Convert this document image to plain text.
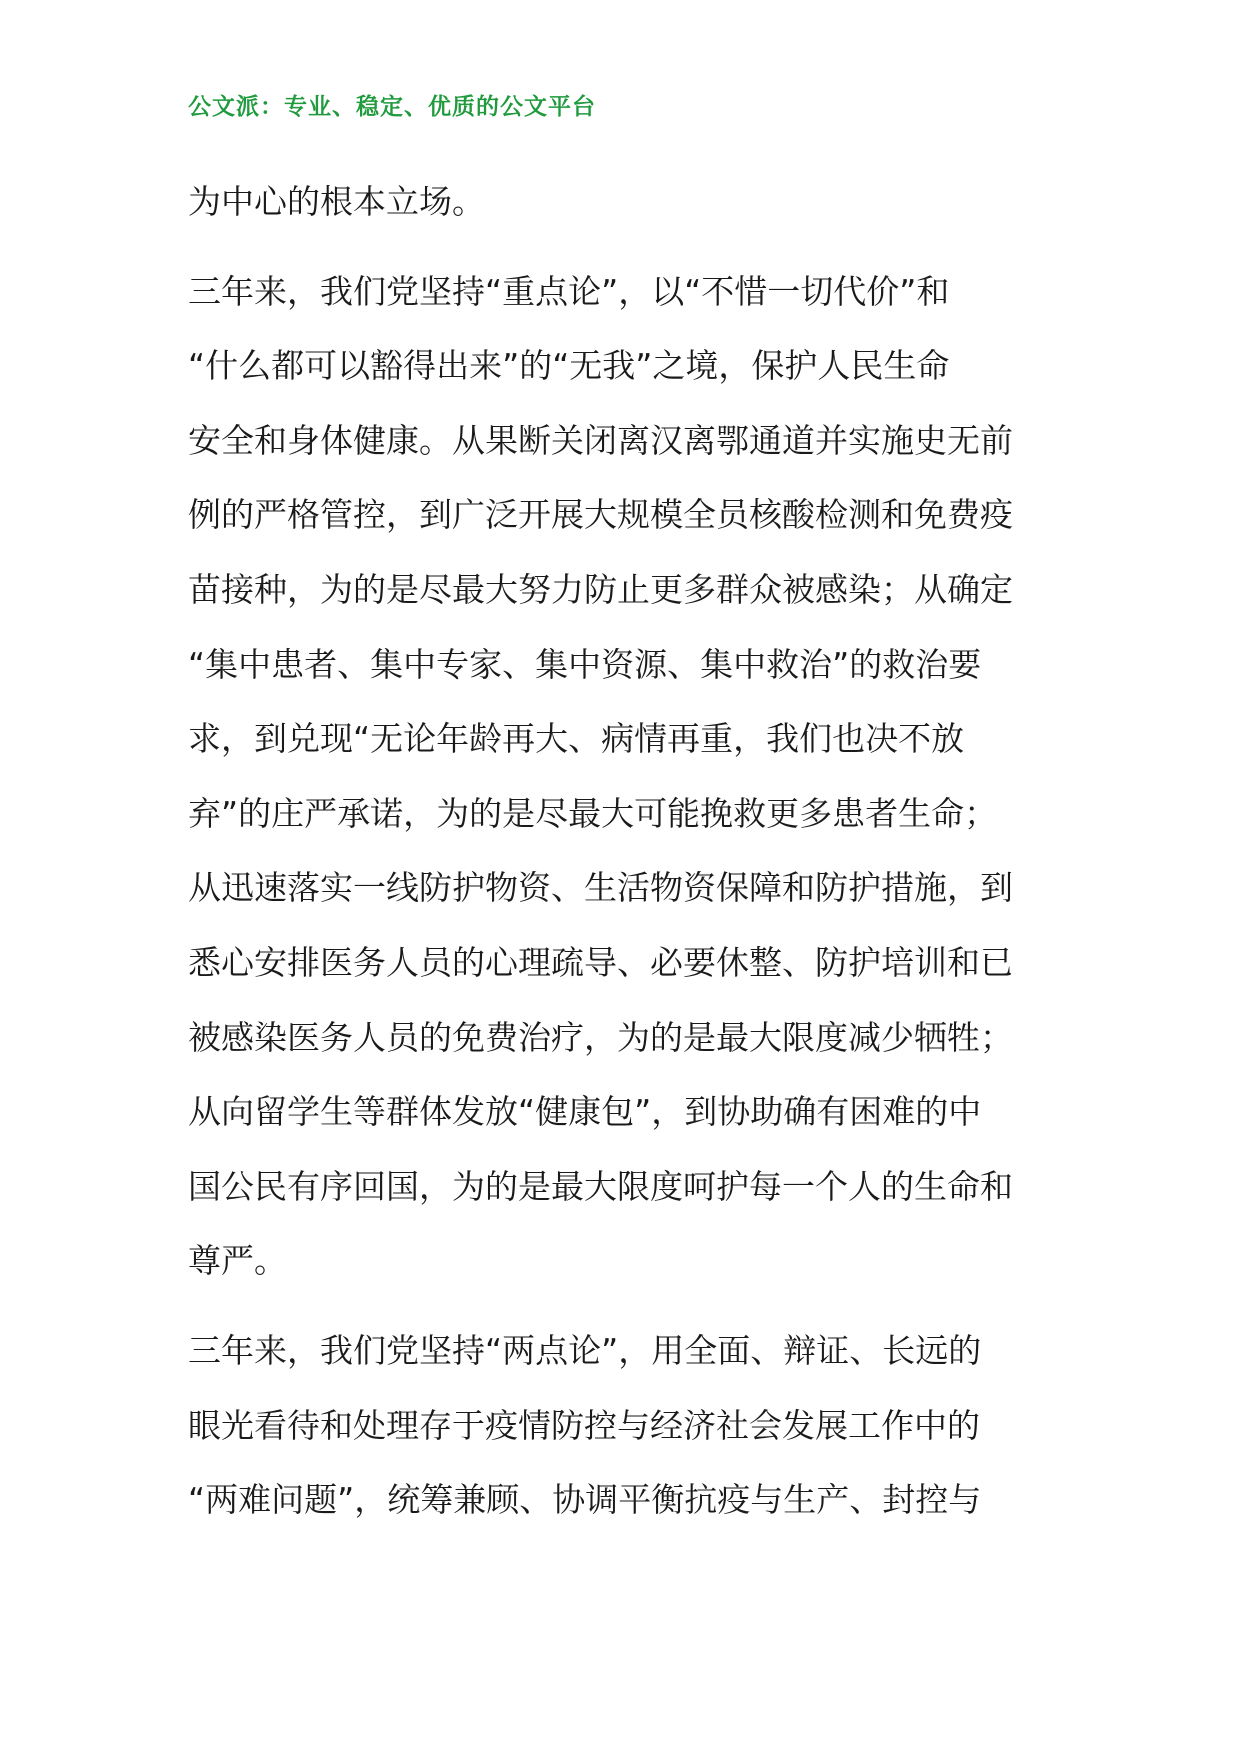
公文派：专业、稳定、优质的公文平台
为中心的根本立场。
三年来，我们党坚持“重点论”，以“不惜一切代价”和
“什么都可以豁得出来”的“无我”之境，保护人民生命
安全和身体健康。从果断关闭离汉离鄂通道并实施史无前
例的严格管控，到广泛开展大规模全员核酸检测和免费疫
苗接种，为的是尽最大努力防止更多群众被感染；从确定
“集中患者、集中专家、集中资源、集中救治”的救治要
求，到兑现“无论年龄再大、病情再重，我们也决不放
弃”的庄严承诺，为的是尽最大可能挽救更多患者生命；
从迅速落实一线防护物资、生活物资保障和防护措施，到
悉心安排医务人员的心理疏导、必要休整、防护培训和已
被感染医务人员的免费治疗，为的是最大限度减少牺牲；
从向留学生等群体发放“健康包”，到协助确有困难的中
国公民有序回国，为的是最大限度呵护每一个人的生命和
尊严。
三年来，我们党坚持“两点论”，用全面、辩证、长远的
眼光看待和处理存于疫情防控与经济社会发展工作中的
“两难问题”，统筹兼顾、协调平衡抗疫与生产、封控与
